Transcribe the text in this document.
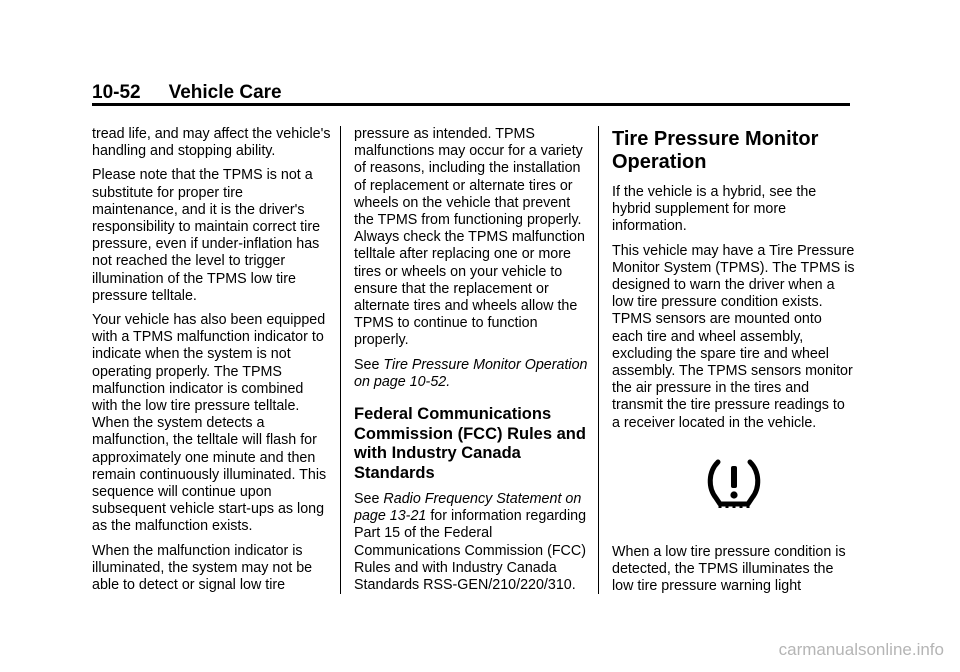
10-52 Vehicle Care

tread life, and may affect the vehicle's handling and stopping ability.

Please note that the TPMS is not a substitute for proper tire maintenance, and it is the driver's responsibility to maintain correct tire pressure, even if under-inflation has not reached the level to trigger illumination of the TPMS low tire pressure telltale.

Your vehicle has also been equipped with a TPMS malfunction indicator to indicate when the system is not operating properly. The TPMS malfunction indicator is combined with the low tire pressure telltale. When the system detects a malfunction, the telltale will flash for approximately one minute and then remain continuously illuminated. This sequence will continue upon subsequent vehicle start-ups as long as the malfunction exists.

When the malfunction indicator is illuminated, the system may not be able to detect or signal low tire

pressure as intended. TPMS malfunctions may occur for a variety of reasons, including the installation of replacement or alternate tires or wheels on the vehicle that prevent the TPMS from functioning properly. Always check the TPMS malfunction telltale after replacing one or more tires or wheels on your vehicle to ensure that the replacement or alternate tires and wheels allow the TPMS to continue to function properly.

See Tire Pressure Monitor Operation on page 10-52.

Federal Communications Commission (FCC) Rules and with Industry Canada Standards

See Radio Frequency Statement on page 13-21 for information regarding Part 15 of the Federal Communications Commission (FCC) Rules and with Industry Canada Standards RSS-GEN/210/220/310.

Tire Pressure Monitor Operation

If the vehicle is a hybrid, see the hybrid supplement for more information.

This vehicle may have a Tire Pressure Monitor System (TPMS). The TPMS is designed to warn the driver when a low tire pressure condition exists. TPMS sensors are mounted onto each tire and wheel assembly, excluding the spare tire and wheel assembly. The TPMS sensors monitor the air pressure in the tires and transmit the tire pressure readings to a receiver located in the vehicle.

When a low tire pressure condition is detected, the TPMS illuminates the low tire pressure warning light

carmanualsonline.info
